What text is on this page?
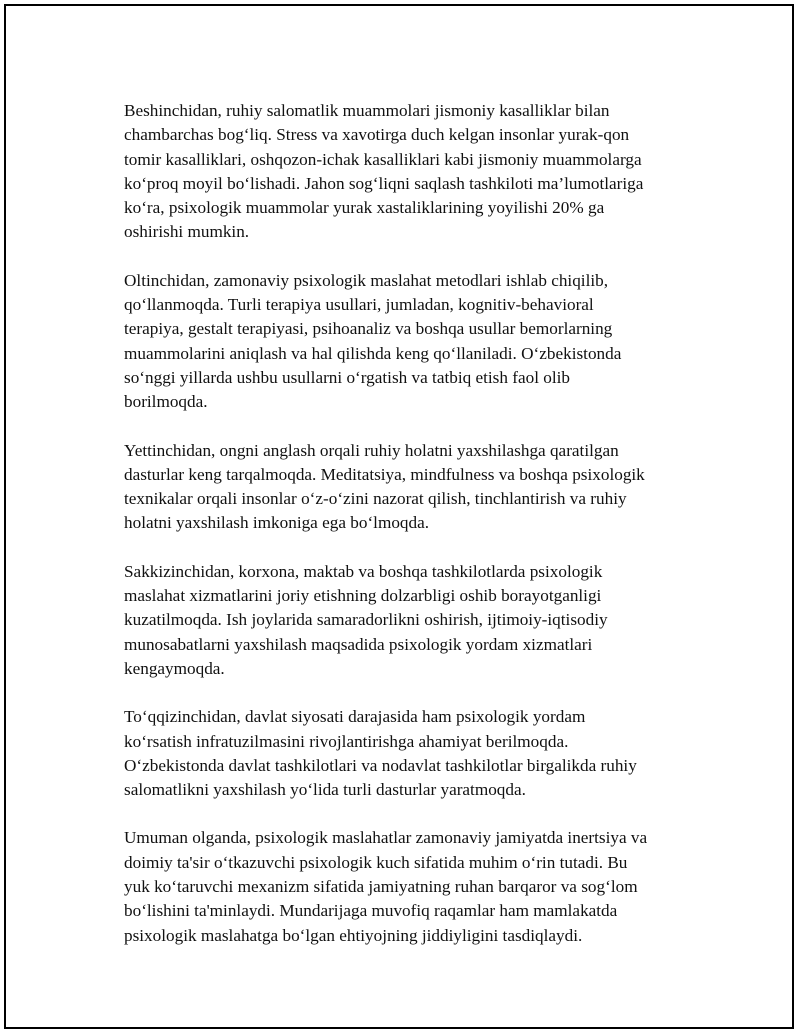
Beshinchidan, ruhiy salomatlik muammolari jismoniy kasalliklar bilan
chambarchas bog‘liq. Stress va xavotirga duch kelgan insonlar yurak-qon
tomir kasalliklari, oshqozon-ichak kasalliklari kabi jismoniy muammolarga
ko‘proq moyil bo‘lishadi. Jahon sog‘liqni saqlash tashkiloti ma’lumotlariga
ko‘ra, psixologik muammolar yurak xastaliklarining yoyilishi 20% ga
oshirishi mumkin.

Oltinchidan, zamonaviy psixologik maslahat metodlari ishlab chiqilib,
qo‘llanmoqda. Turli terapiya usullari, jumladan, kognitiv-behavioral
terapiya, gestalt terapiyasi, psihoanaliz va boshqa usullar bemorlarning
muammolarini aniqlash va hal qilishda keng qo‘llaniladi. O‘zbekistonda
so‘nggi yillarda ushbu usullarni o‘rgatish va tatbiq etish faol olib
borilmoqda.

Yettinchidan, ongni anglash orqali ruhiy holatni yaxshilashga qaratilgan
dasturlar keng tarqalmoqda. Meditatsiya, mindfulness va boshqa psixologik
texnikalar orqali insonlar o‘z-o‘zini nazorat qilish, tinchlantirish va ruhiy
holatni yaxshilash imkoniga ega bo‘lmoqda.

Sakkizinchidan, korxona, maktab va boshqa tashkilotlarda psixologik
maslahat xizmatlarini joriy etishning dolzarbligi oshib borayotganligi
kuzatilmoqda. Ish joylarida samaradorlikni oshirish, ijtimoiy-iqtisodiy
munosabatlarni yaxshilash maqsadida psixologik yordam xizmatlari
kengaymoqda.

To‘qqizinchidan, davlat siyosati darajasida ham psixologik yordam
ko‘rsatish infratuzilmasini rivojlantirishga ahamiyat berilmoqda.
O‘zbekistonda davlat tashkilotlari va nodavlat tashkilotlar birgalikda ruhiy
salomatlikni yaxshilash yo‘lida turli dasturlar yaratmoqda.

Umuman olganda, psixologik maslahatlar zamonaviy jamiyatda inertsiya va
doimiy ta'sir o‘tkazuvchi psixologik kuch sifatida muhim o‘rin tutadi. Bu
yuk ko‘taruvchi mexanizm sifatida jamiyatning ruhan barqaror va sog‘lom
bo‘lishini ta'minlaydi. Mundarijaga muvofiq raqamlar ham mamlakatda
psixologik maslahatga bo‘lgan ehtiyojning jiddiyligini tasdiqlaydi.
